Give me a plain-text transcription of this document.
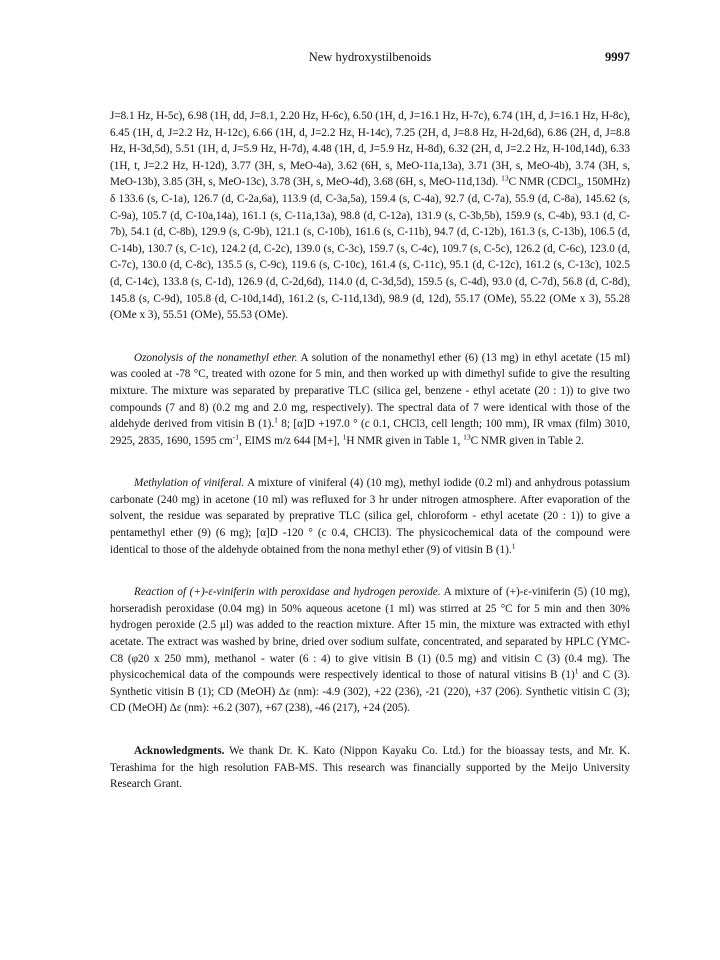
New hydroxystilbenoids	9997

J=8.1 Hz, H-5c), 6.98 (1H, dd, J=8.1, 2.20 Hz, H-6c), 6.50 (1H, d, J=16.1 Hz, H-7c), 6.74 (1H, d, J=16.1 Hz, H-8c), 6.45 (1H, d, J=2.2 Hz, H-12c), 6.66 (1H, d, J=2.2 Hz, H-14c), 7.25 (2H, d, J=8.8 Hz, H-2d,6d), 6.86 (2H, d, J=8.8 Hz, H-3d,5d), 5.51 (1H, d, J=5.9 Hz, H-7d), 4.48 (1H, d, J=5.9 Hz, H-8d), 6.32 (2H, d, J=2.2 Hz, H-10d,14d), 6.33 (1H, t, J=2.2 Hz, H-12d), 3.77 (3H, s, MeO-4a), 3.62 (6H, s, MeO-11a,13a), 3.71 (3H, s, MeO-4b), 3.74 (3H, s, MeO-13b), 3.85 (3H, s, MeO-13c), 3.78 (3H, s, MeO-4d), 3.68 (6H, s, MeO-11d,13d). $^{13}$C NMR (CDCl$_3$, 150MHz) δ 133.6 (s, C-1a), 126.7 (d, C-2a,6a), 113.9 (d, C-3a,5a), 159.4 (s, C-4a), 92.7 (d, C-7a), 55.9 (d, C-8a), 145.62 (s, C-9a), 105.7 (d, C-10a,14a), 161.1 (s, C-11a,13a), 98.8 (d, C-12a), 131.9 (s, C-3b,5b), 159.9 (s, C-4b), 93.1 (d, C-7b), 54.1 (d, C-8b), 129.9 (s, C-9b), 121.1 (s, C-10b), 161.6 (s, C-11b), 94.7 (d, C-12b), 161.3 (s, C-13b), 106.5 (d, C-14b), 130.7 (s, C-1c), 124.2 (d, C-2c), 139.0 (s, C-3c), 159.7 (s, C-4c), 109.7 (s, C-5c), 126.2 (d, C-6c), 123.0 (d, C-7c), 130.0 (d, C-8c), 135.5 (s, C-9c), 119.6 (s, C-10c), 161.4 (s, C-11c), 95.1 (d, C-12c), 161.2 (s, C-13c), 102.5 (d, C-14c), 133.8 (s, C-1d), 126.9 (d, C-2d,6d), 114.0 (d, C-3d,5d), 159.5 (s, C-4d), 93.0 (d, C-7d), 56.8 (d, C-8d), 145.8 (s, C-9d), 105.8 (d, C-10d,14d), 161.2 (s, C-11d,13d), 98.9 (d, 12d), 55.17 (OMe), 55.22 (OMe x 3), 55.28 (OMe x 3), 55.51 (OMe), 55.53 (OMe).

Ozonolysis of the nonamethyl ether. A solution of the nonamethyl ether (6) (13 mg) in ethyl acetate (15 ml) was cooled at -78 °C, treated with ozone for 5 min, and then worked up with dimethyl sufide to give the resulting mixture. The mixture was separated by preparative TLC (silica gel, benzene - ethyl acetate (20 : 1)) to give two compounds (7 and 8) (0.2 mg and 2.0 mg, respectively). The spectral data of 7 were identical with those of the aldehyde derived from vitisin B (1).$^1$ 8; [α]D +197.0 ° (c 0.1, CHCl3, cell length; 100 mm), IR νmax (film) 3010, 2925, 2835, 1690, 1595 $cm^{-1}$, EIMS m/z 644 [M+], $^1$H NMR given in Table 1, $^{13}$C NMR given in Table 2.

Methylation of viniferal. A mixture of viniferal (4) (10 mg), methyl iodide (0.2 ml) and anhydrous potassium carbonate (240 mg) in acetone (10 ml) was refluxed for 3 hr under nitrogen atmosphere. After evaporation of the solvent, the residue was separated by preprative TLC (silica gel, chloroform - ethyl acetate (20 : 1)) to give a pentamethyl ether (9) (6 mg); [α]D -120 ° (c 0.4, CHCl3). The physicochemical data of the compound were identical to those of the aldehyde obtained from the nona methyl ether (9) of vitisin B (1).$^1$

Reaction of (+)-ε-viniferin with peroxidase and hydrogen peroxide. A mixture of (+)-ε-viniferin (5) (10 mg), horseradish peroxidase (0.04 mg) in 50% aqueous acetone (1 ml) was stirred at 25 °C for 5 min and then 30% hydrogen peroxide (2.5 μl) was added to the reaction mixture. After 15 min, the mixture was extracted with ethyl acetate. The extract was washed by brine, dried over sodium sulfate, concentrated, and separated by HPLC (YMC-C8 (φ20 x 250 mm), methanol - water (6 : 4) to give vitisin B (1) (0.5 mg) and vitisin C (3) (0.4 mg). The physicochemical data of the compounds were respectively identical to those of natural vitisins B $(1)^1$ and C (3). Synthetic vitisin B (1); CD (MeOH) Δε (nm): -4.9 (302), +22 (236), -21 (220), +37 (206). Synthetic vitisin C (3); CD (MeOH) Δε (nm): +6.2 (307), +67 (238), -46 (217), +24 (205).

Acknowledgments. We thank Dr. K. Kato (Nippon Kayaku Co. Ltd.) for the bioassay tests, and Mr. K. Terashima for the high resolution FAB-MS. This research was financially supported by the Meijo University Research Grant.
